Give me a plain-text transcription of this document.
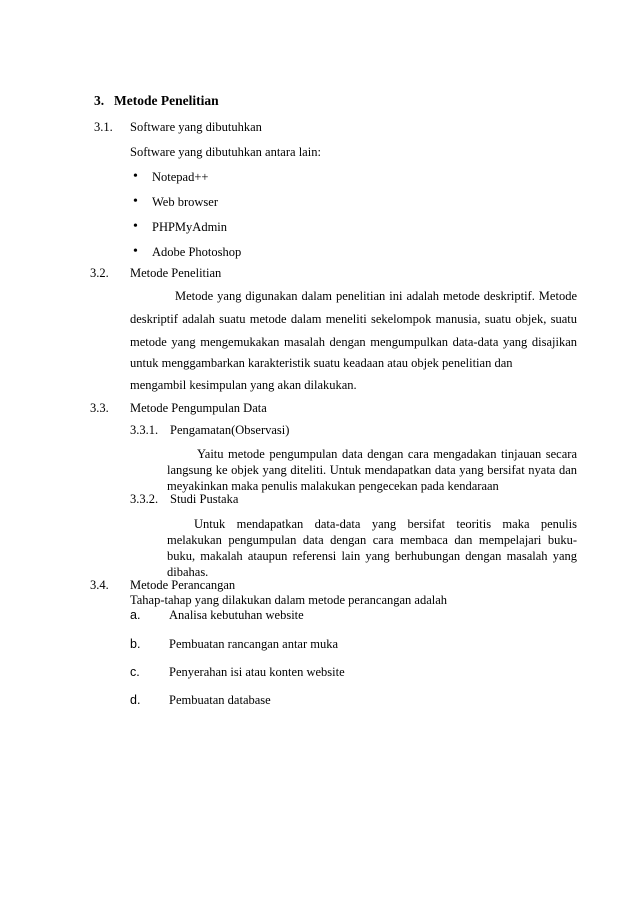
3. Metode Penelitian
3.1. Software yang dibutuhkan
Software yang dibutuhkan antara lain:
• Notepad++
• Web browser
• PHPMyAdmin
• Adobe Photoshop
3.2. Metode Penelitian
Metode yang digunakan dalam penelitian ini adalah metode deskriptif. Metode
deskriptif adalah suatu metode dalam meneliti sekelompok manusia, suatu objek, suatu
metode yang mengemukakan masalah dengan mengumpulkan data-data yang disajikan
untuk menggambarkan karakteristik suatu keadaan atau objek penelitian dan
mengambil kesimpulan yang akan dilakukan.
3.3. Metode Pengumpulan Data
3.3.1. Pengamatan(Observasi)
Yaitu metode pengumpulan data dengan cara mengadakan tinjauan secara langsung ke objek yang diteliti. Untuk mendapatkan data yang bersifat nyata dan meyakinkan maka penulis malakukan pengecekan pada kendaraan
3.3.2. Studi Pustaka
Untuk mendapatkan data-data yang bersifat teoritis maka penulis melakukan pengumpulan data dengan cara membaca dan mempelajari buku-buku, makalah ataupun referensi lain yang berhubungan dengan masalah yang dibahas.
3.4. Metode Perancangan
Tahap-tahap yang dilakukan dalam metode perancangan adalah
a. Analisa kebutuhan website
b. Pembuatan rancangan antar muka
c. Penyerahan isi atau konten website
d. Pembuatan database
